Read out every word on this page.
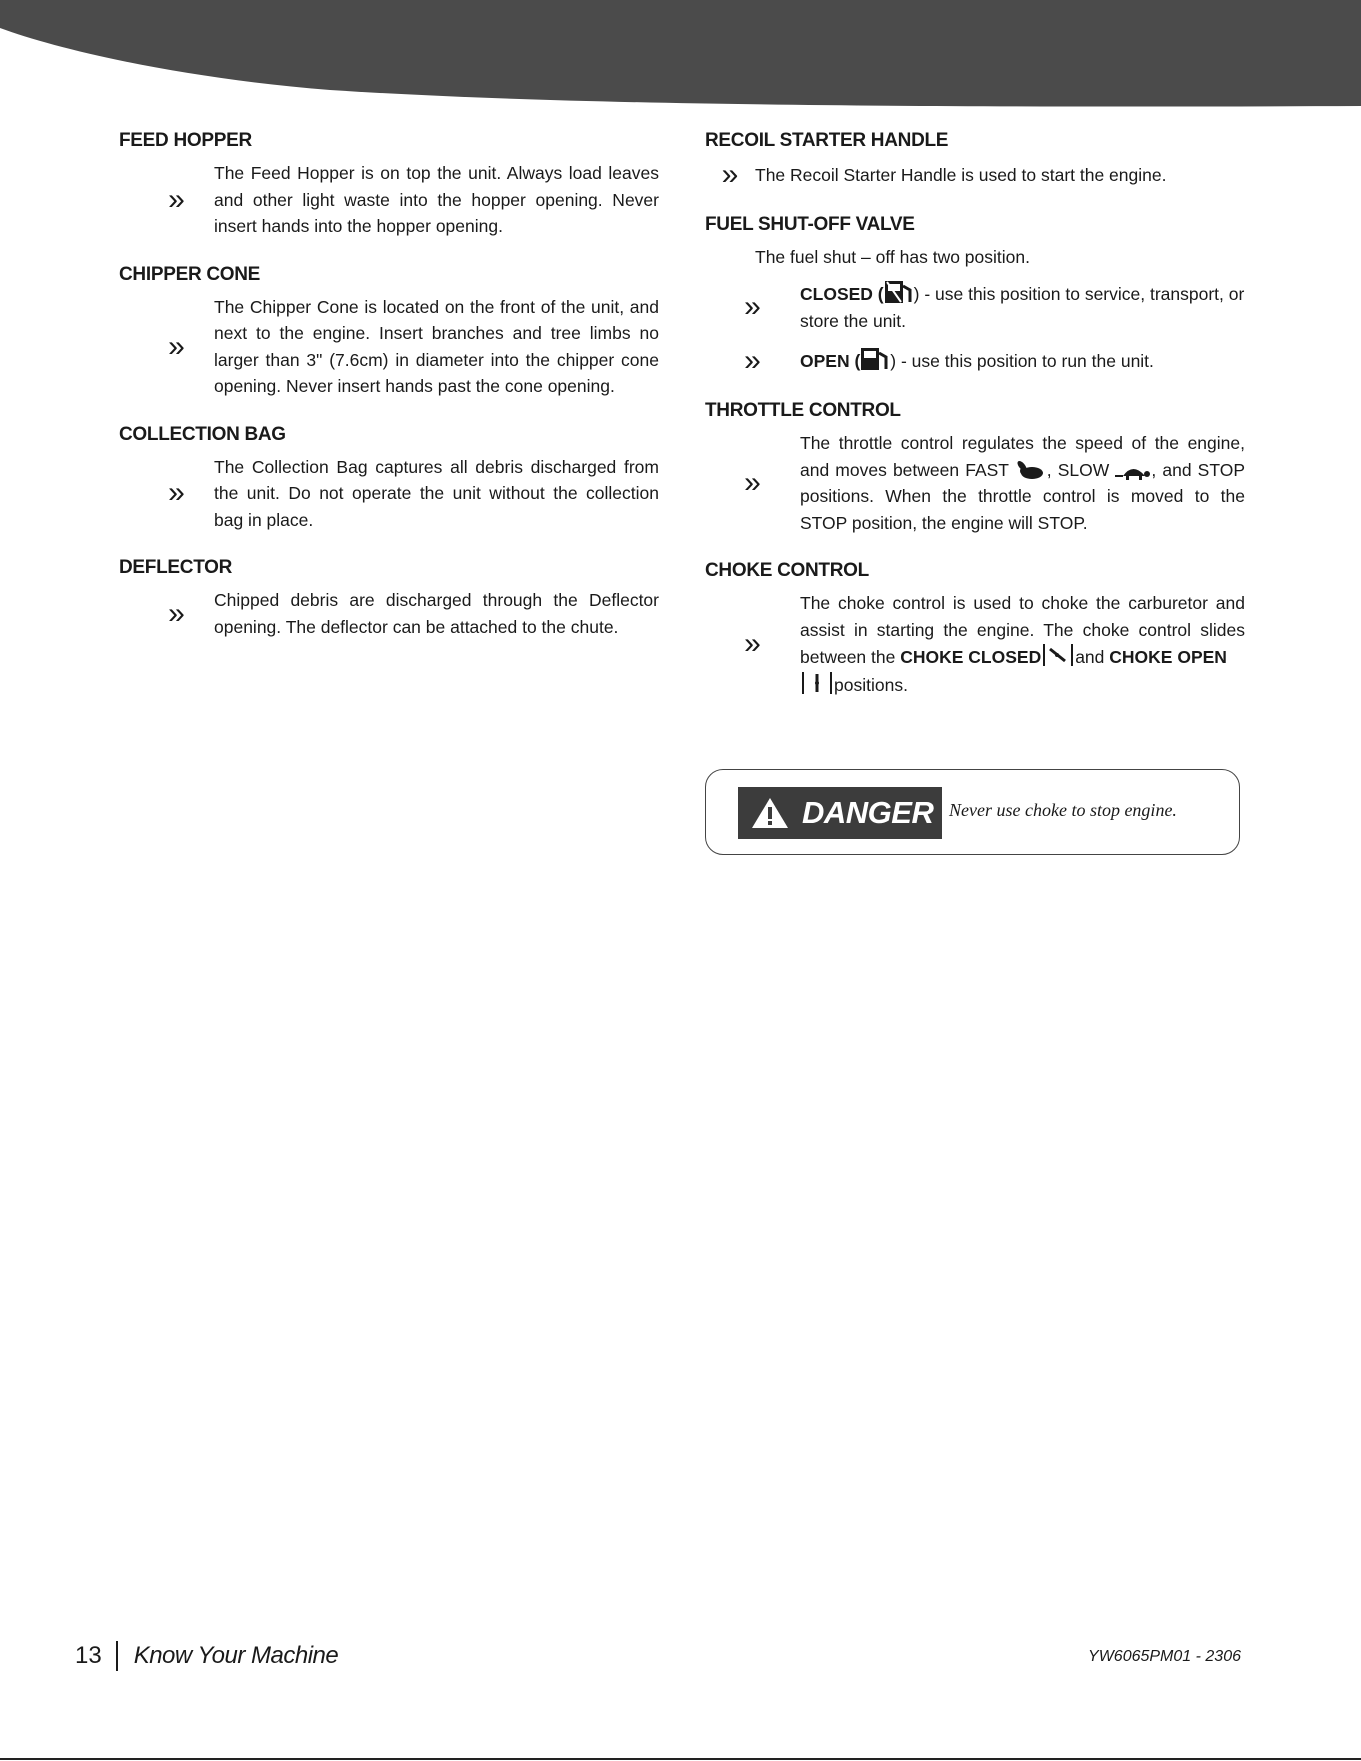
FEED HOPPER
»
The Feed Hopper is on top the unit. Always load leaves and other light waste into the hopper opening. Never insert hands into the hopper opening.
CHIPPER CONE
»
The Chipper Cone is located on the front of the unit, and next to the engine. Insert branches and tree limbs no larger than 3" (7.6cm) in diameter into the chipper cone opening. Never insert hands past the cone opening.
COLLECTION BAG
»
The Collection Bag captures all debris discharged from the unit. Do not operate the unit without the collection bag in place.
DEFLECTOR
»	Chipped debris are discharged through the Deflector opening. The deflector can be attached to the chute.
RECOIL STARTER HANDLE
» The Recoil Starter Handle is used to start the engine.
FUEL SHUT-OFF VALVE
The fuel shut – off has two position.
»	CLOSED ( ) - use this position to service, transport, or store the unit.
»	OPEN ( ) - use this position to run the unit.
THROTTLE CONTROL
»
The throttle control regulates the speed of the engine, and moves between FAST , SLOW , and STOP positions. When the throttle control is moved to the STOP position, the engine will STOP.
CHOKE CONTROL
»
The choke control is used to choke the carburetor and assist in starting the engine. The choke control slides between the CHOKE CLOSED and CHOKE OPEN
positions.
DANGER Never use choke to stop engine.
13 Know Your Machine	YW6065PM01 - 2306
